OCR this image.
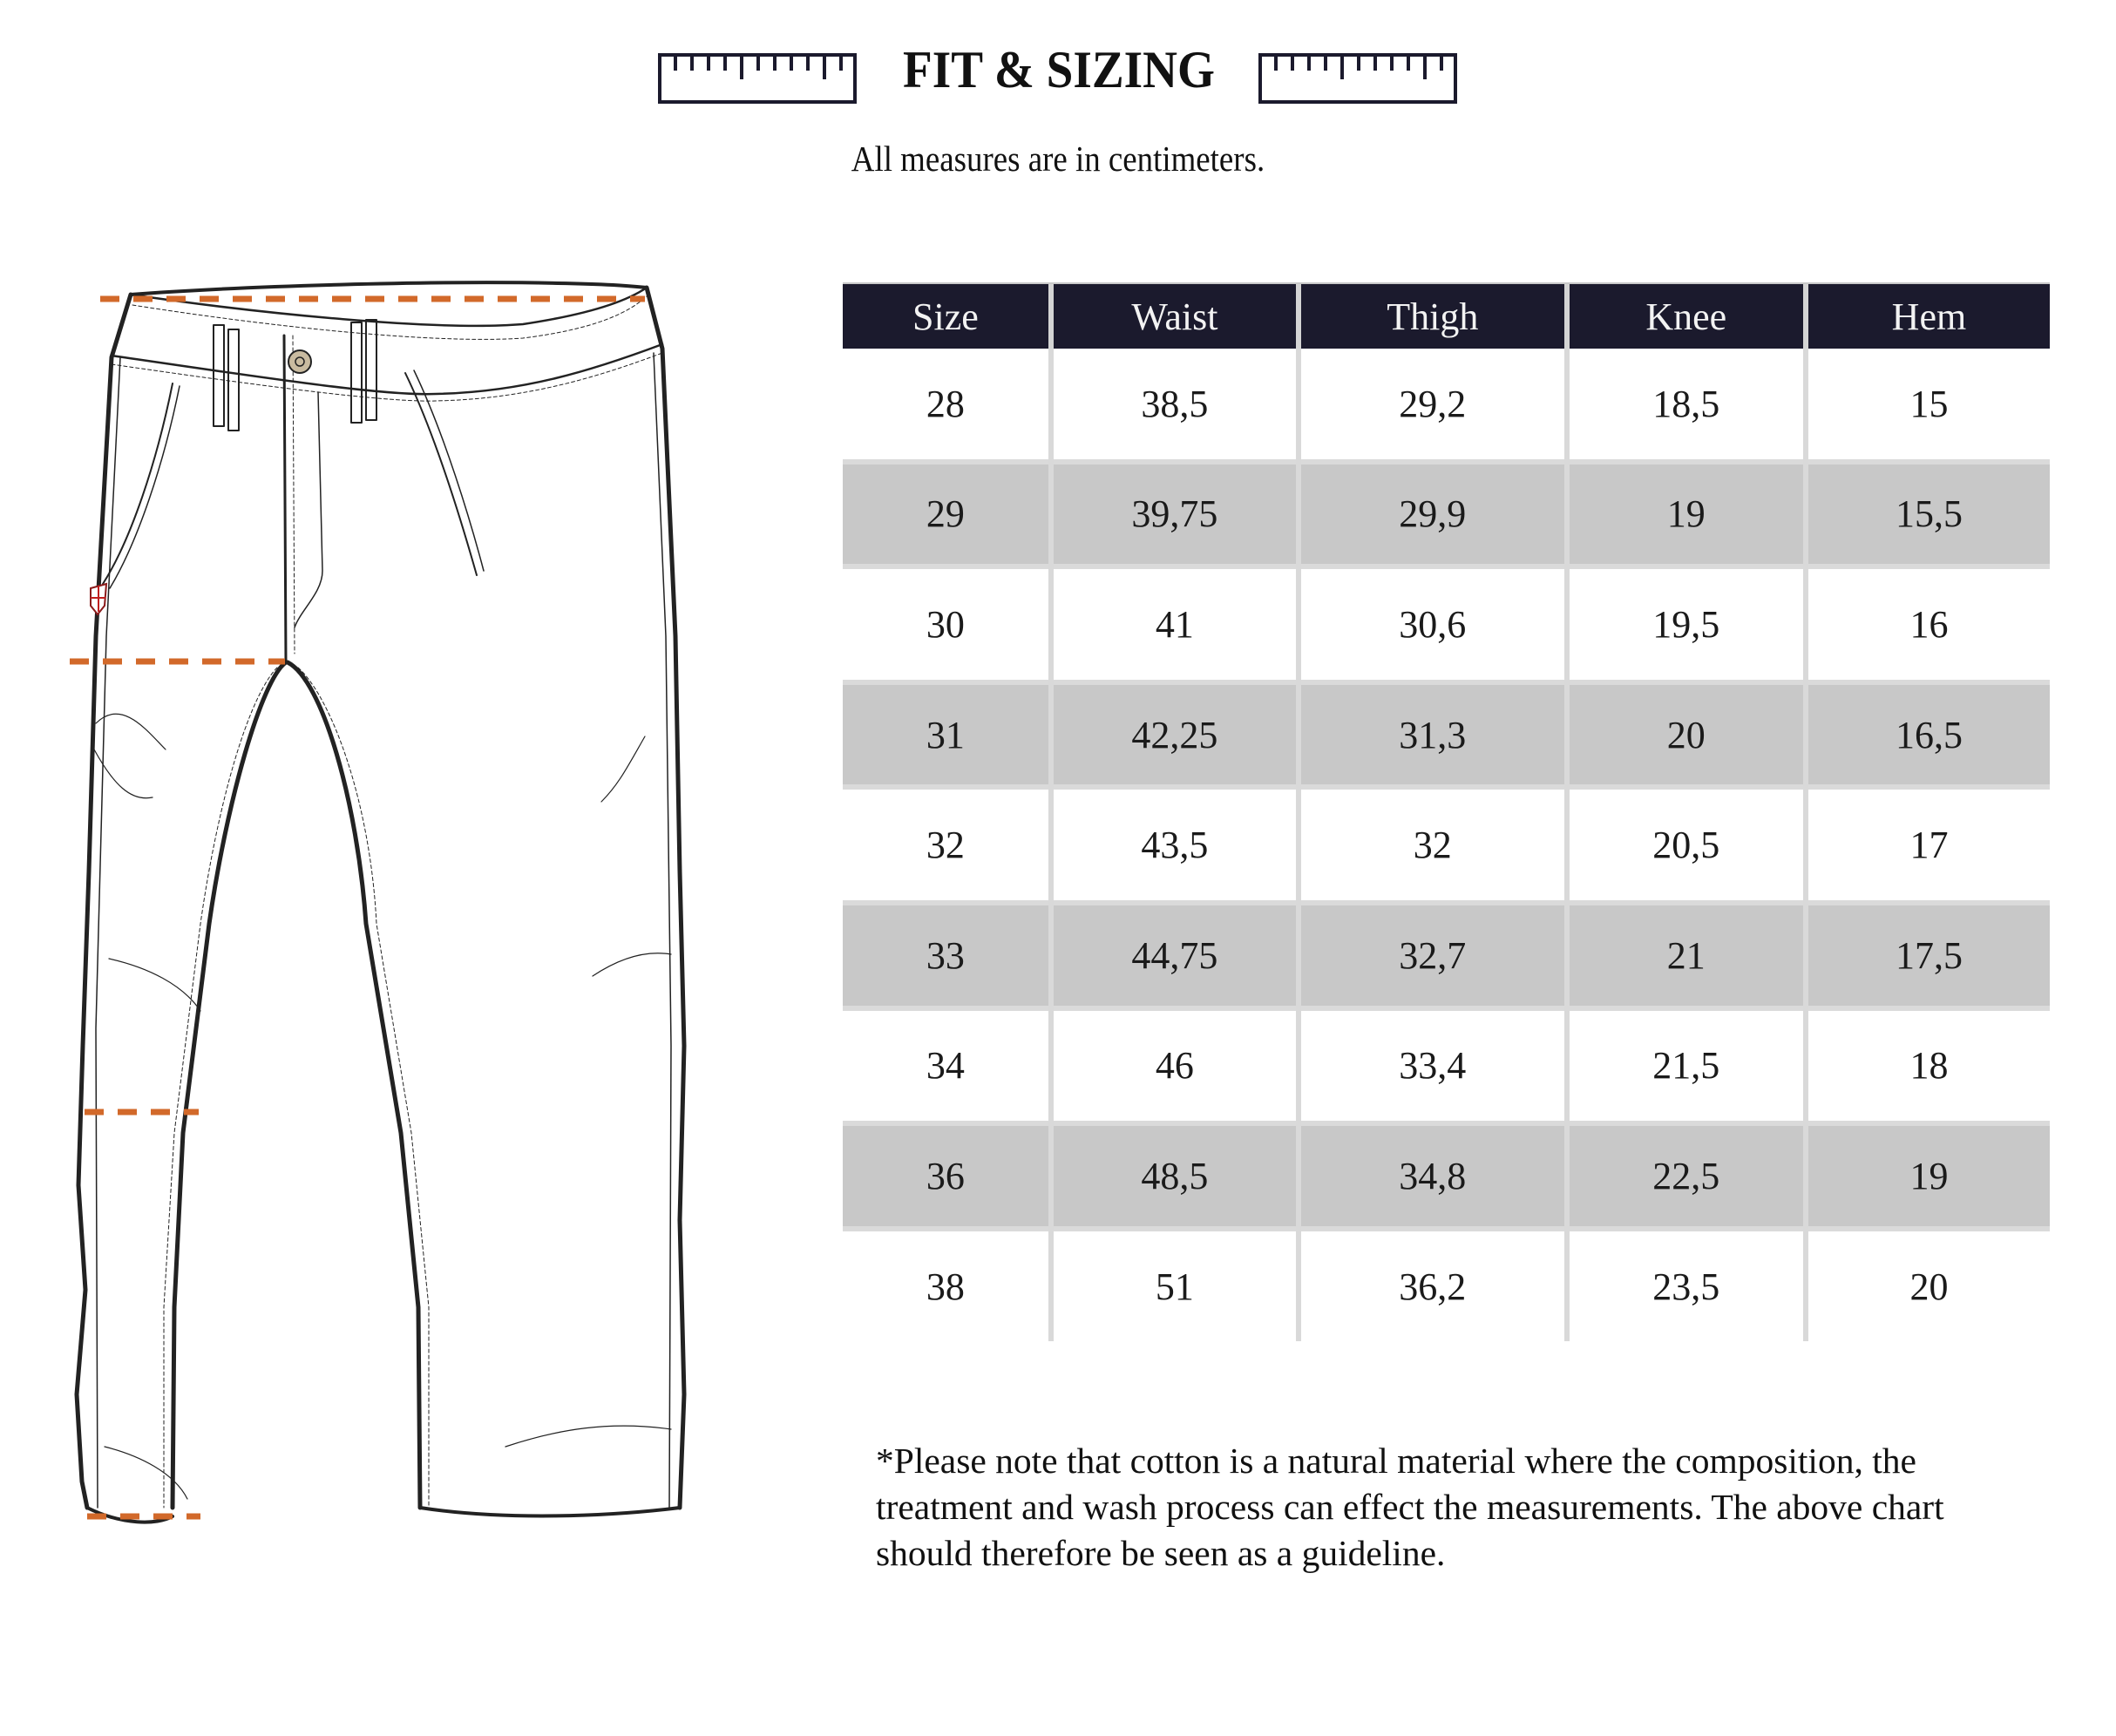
FIT & SIZING
All measures are in centimeters.
Size	Waist	Thigh	Knee	Hem
28	38,5	29,2	18,5	15
29	39,75	29,9	19	15,5
30	41	30,6	19,5	16
31	42,25	31,3	20	16,5
32	43,5	32	20,5	17
33	44,75	32,7	21	17,5
34	46	33,4	21,5	18
36	48,5	34,8	22,5	19
38	51	36,2	23,5	20
*Please note that cotton is a natural material where the composition, the
treatment and wash process can effect the measurements. The above chart
should therefore be seen as a guideline.
